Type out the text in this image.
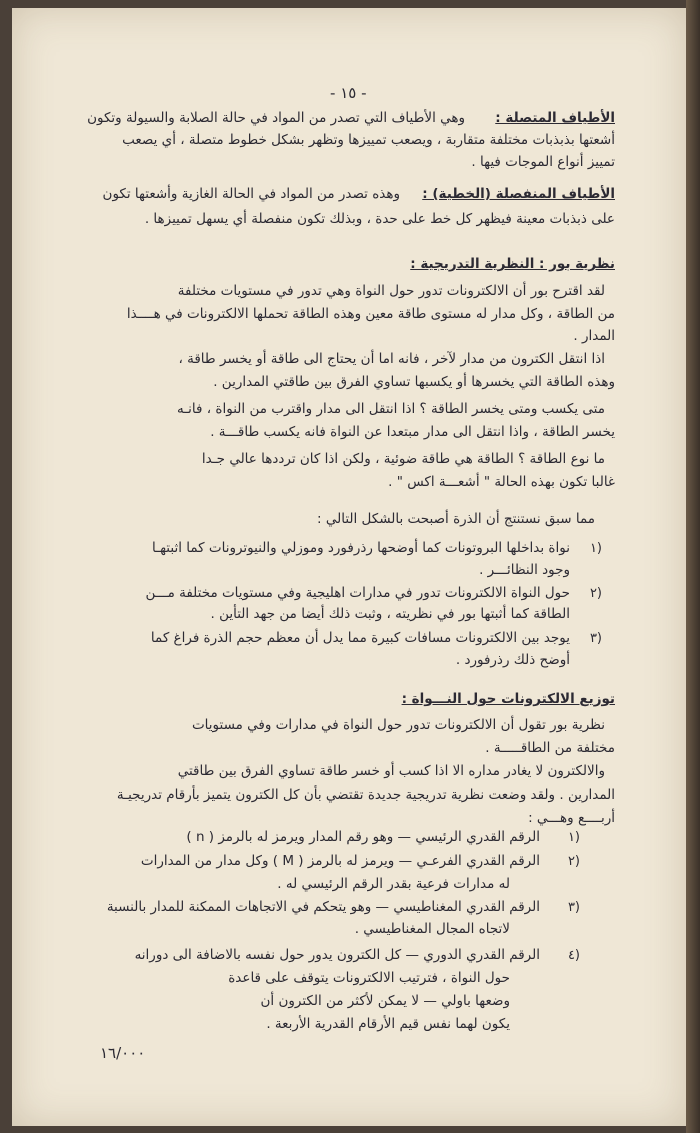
- ١٥ -
الأطياف المتصلة :
وهي الأطياف التي تصدر من المواد في حالة الصلابة والسيولة وتكون
أشعتها بذبذبات مختلفة متقاربة ، ويصعب تمييزها وتظهر بشكل خطوط متصلة ، أي يصعب
تمييز أنواع الموجات فيها .
الأطياف المنفصلة (الخطية) :
وهذه تصدر من المواد في الحالة الغازية وأشعتها تكون
على ذبذبات معينة فيظهر كل خط على حدة ، وبذلك تكون منفصلة أي يسهل تمييزها .
نظرية بور : النظرية التدريجية :
لقد اقترح بور أن الالكترونات تدور حول النواة وهي تدور في مستويات مختلفة
من الطاقة ، وكل مدار له مستوى طاقة معين وهذه الطاقة تحملها الالكترونات في هــــذا
المدار .
اذا انتقل الكترون من مدار لآخر ، فانه اما أن يحتاج الى طاقة أو يخسر طاقة ،
وهذه الطاقة التي يخسرها أو يكسبها تساوي الفرق بين طاقتي المدارين .
متى يكسب ومتى يخسر الطاقة ؟ اذا انتقل الى مدار واقترب من النواة ، فانـه
يخسر الطاقة ، واذا انتقل الى مدار مبتعدا عن النواة فانه يكسب طاقـــة .
ما نوع الطاقة ؟ الطاقة هي طاقة ضوئية ، ولكن اذا كان ترددها عالي جـدا
غالبا تكون بهذه الحالة " أشعـــة اكس " .
مما سبق نستنتج أن الذرة أصبحت بالشكل التالي :
١)
نواة بداخلها البروتونات كما أوضحها رذرفورد وموزلي والنيوترونات كما اثبتهـا
وجود النظائـــر .
٢)
حول النواة الالكترونات تدور في مدارات اهليجية وفي مستويات مختلفة مـــن
الطاقة كما أثبتها بور في نظريته ، وثبت ذلك أيضا من جهد التأين .
٣)
يوجد بين الالكترونات مسافات كبيرة مما يدل أن معظم حجم الذرة فراغ كما
أوضح ذلك رذرفورد .
توزيع الالكترونات حول النـــواة :
نظرية بور تقول أن الالكترونات تدور حول النواة في مدارات وفي مستويات
مختلفة من الطاقـــــة .
والالكترون لا يغادر مداره الا اذا كسب أو خسر طاقة تساوي الفرق بين طاقتي
المدارين . ولقد وضعت نظرية تدريجية جديدة تقتضي بأن كل الكترون يتميز بأرقام تدريجيـة
أربــــع وهـــي :
١)
الرقم القدري الرئيسي — وهو رقم المدار ويرمز له بالرمز ( n )
٢)
الرقم القدري الفرعـي — ويرمز له بالرمز ( M ) وكل مدار من المدارات
له مدارات فرعية بقدر الرقم الرئيسي له .
٣)
الرقم القدري المغناطيسي — وهو يتحكم في الاتجاهات الممكنة للمدار بالنسبة
لاتجاه المجال المغناطيسي .
٤)
الرقم القدري الدوري — كل الكترون يدور حول نفسه بالاضافة الى دورانه
حول النواة ، فترتيب الالكترونات يتوقف على قاعدة
وضعها باولي — لا يمكن لأكثر من الكترون أن
يكون لهما نفس قيم الأرقام القدرية الأربعة .
١٦/٠٠٠
